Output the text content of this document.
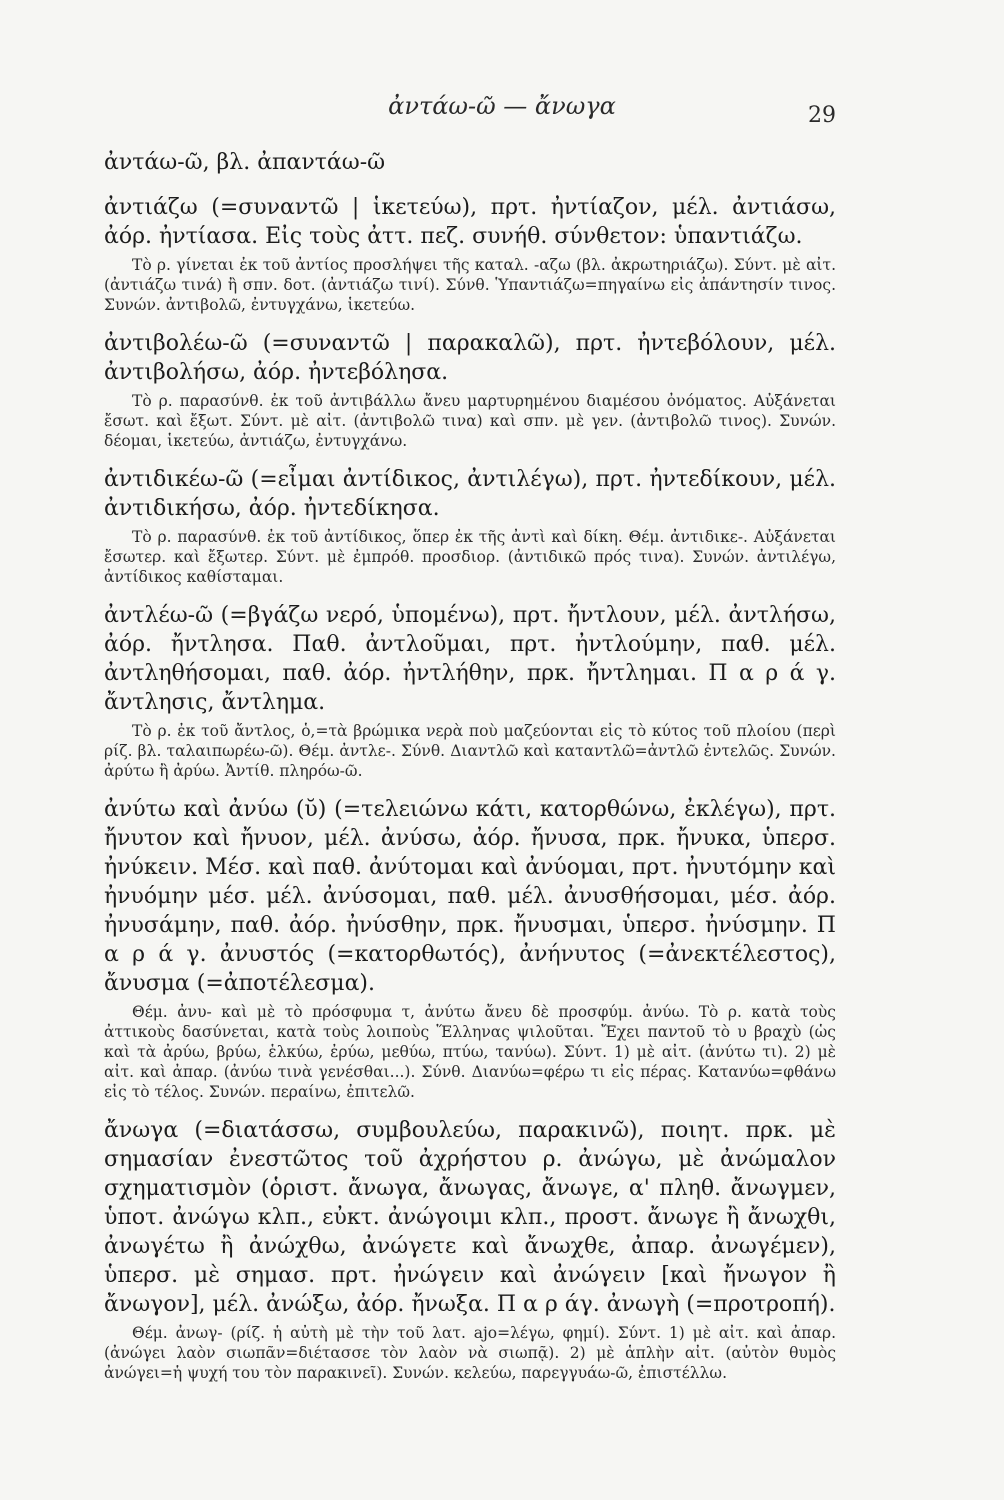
ἀντάω-ῶ — ἄνωγα	29

ἀντάω-ῶ, βλ. ἀπαντάω-ῶ

ἀντιάζω (=συναντῶ | ἱκετεύω), πρτ. ἠντίαζον, μέλ. ἀντιάσω, ἀόρ. ἠντίασα. Εἰς τοὺς ἀττ. πεζ. συνήθ. σύνθετον: ὑπαντιάζω.

Τὸ ρ. γίνεται ἐκ τοῦ ἀντίος προσλήψει τῆς καταλ. -αζω (βλ. ἀκρωτηριάζω). Σύντ. μὲ αἰτ. (ἀντιάζω τινά) ἢ σπν. δοτ. (ἀντιάζω τινί). Σύνθ. Ὑπαντιάζω=πηγαίνω εἰς ἀπάντησίν τινος. Συνών. ἀντιβολῶ, ἐντυγχάνω, ἱκετεύω.

ἀντιβολέω-ῶ (=συναντῶ | παρακαλῶ), πρτ. ἠντεβόλουν, μέλ. ἀντιβολήσω, ἀόρ. ἠντεβόλησα.

Τὸ ρ. παρασύνθ. ἐκ τοῦ ἀντιβάλλω ἄνευ μαρτυρημένου διαμέσου ὀνόματος. Αὐξάνεται ἔσωτ. καὶ ἔξωτ. Σύντ. μὲ αἰτ. (ἀντιβολῶ τινα) καὶ σπν. μὲ γεν. (ἀντιβολῶ τινος). Συνών. δέομαι, ἱκετεύω, ἀντιάζω, ἐντυγχάνω.

ἀντιδικέω-ῶ (=εἶμαι ἀντίδικος, ἀντιλέγω), πρτ. ἠντεδίκουν, μέλ. ἀντιδικήσω, ἀόρ. ἠντεδίκησα.

Τὸ ρ. παρασύνθ. ἐκ τοῦ ἀντίδικος, ὅπερ ἐκ τῆς ἀντὶ καὶ δίκη. Θέμ. ἀντιδικε-. Αὐξάνεται ἔσωτερ. καὶ ἔξωτερ. Σύντ. μὲ ἐμπρόθ. προσδιορ. (ἀντιδικῶ πρός τινα). Συνών. ἀντιλέγω, ἀντίδικος καθίσταμαι.

ἀντλέω-ῶ (=βγάζω νερό, ὑπομένω), πρτ. ἤντλουν, μέλ. ἀντλήσω, ἀόρ. ἤντλησα. Παθ. ἀντλοῦμαι, πρτ. ἠντλούμην, παθ. μέλ. ἀντληθήσομαι, παθ. ἀόρ. ἠντλήθην, πρκ. ἤντλημαι. Π α ρ ά γ. ἄντλησις, ἄντλημα.

Τὸ ρ. ἐκ τοῦ ἄντλος, ὁ,=τὰ βρώμικα νερὰ ποὺ μαζεύονται εἰς τὸ κύτος τοῦ πλοίου (περὶ ρίζ. βλ. ταλαιπωρέω-ῶ). Θέμ. ἀντλε-. Σύνθ. Διαντλῶ καὶ καταντλῶ=ἀντλῶ ἐντελῶς. Συνών. ἀρύτω ἢ ἀρύω. Ἀντίθ. πληρόω-ῶ.

ἀνύτω καὶ ἀνύω (ῠ) (=τελειώνω κάτι, κατορθώνω, ἐκλέγω), πρτ. ἤνυτον καὶ ἤνυον, μέλ. ἀνύσω, ἀόρ. ἤνυσα, πρκ. ἤνυκα, ὑπερσ. ἠνύκειν. Μέσ. καὶ παθ. ἀνύτομαι καὶ ἀνύομαι, πρτ. ἠνυτόμην καὶ ἠνυόμην μέσ. μέλ. ἀνύσομαι, παθ. μέλ. ἀνυσθήσομαι, μέσ. ἀόρ. ἠνυσάμην, παθ. ἀόρ. ἠνύσθην, πρκ. ἤνυσμαι, ὑπερσ. ἠνύσμην. Π α ρ ά γ. ἀνυστός (=κατορθωτός), ἀνήνυτος (=ἀνεκτέλεστος), ἄνυσμα (=ἀποτέλεσμα).

Θέμ. ἀνυ- καὶ μὲ τὸ πρόσφυμα τ, ἀνύτω ἄνευ δὲ προσφύμ. ἀνύω. Τὸ ρ. κατὰ τοὺς ἀττικοὺς δασύνεται, κατὰ τοὺς λοιποὺς Ἕλληνας ψιλοῦται. Ἔχει παντοῦ τὸ υ βραχὺ (ὡς καὶ τὰ ἀρύω, βρύω, ἑλκύω, ἐρύω, μεθύω, πτύω, τανύω). Σύντ. 1) μὲ αἰτ. (ἀνύτω τι). 2) μὲ αἰτ. καὶ ἀπαρ. (ἀνύω τινὰ γενέσθαι...). Σύνθ. Διανύω=φέρω τι εἰς πέρας. Κατανύω=φθάνω εἰς τὸ τέλος. Συνών. περαίνω, ἐπιτελῶ.

ἄνωγα (=διατάσσω, συμβουλεύω, παρακινῶ), ποιητ. πρκ. μὲ σημασίαν ἐνεστῶτος τοῦ ἀχρήστου ρ. ἀνώγω, μὲ ἀνώμαλον σχηματισμὸν (ὁριστ. ἄνωγα, ἄνωγας, ἄνωγε, α' πληθ. ἄνωγμεν, ὑποτ. ἀνώγω κλπ., εὐκτ. ἀνώγοιμι κλπ., προστ. ἄνωγε ἢ ἄνωχθι, ἀνωγέτω ἢ ἀνώχθω, ἀνώγετε καὶ ἄνωχθε, ἀπαρ. ἀνωγέμεν), ὑπερσ. μὲ σημασ. πρτ. ἠνώγειν καὶ ἀνώγειν [καὶ ἤνωγον ἢ ἄνωγον], μέλ. ἀνώξω, ἀόρ. ἤνωξα. Π α ρ άγ. ἀνωγὴ (=προτροπή).

Θέμ. ἀνωγ- (ρίζ. ἡ αὐτὴ μὲ τὴν τοῦ λατ. ajo=λέγω, φημί). Σύντ. 1) μὲ αἰτ. καὶ ἀπαρ. (ἀνώγει λαὸν σιωπᾶν=διέτασσε τὸν λαὸν νὰ σιωπᾷ). 2) μὲ ἁπλὴν αἰτ. (αὐτὸν θυμὸς ἀνώγει=ἡ ψυχή του τὸν παρακινεῖ). Συνών. κελεύω, παρεγγυάω-ῶ, ἐπιστέλλω.
